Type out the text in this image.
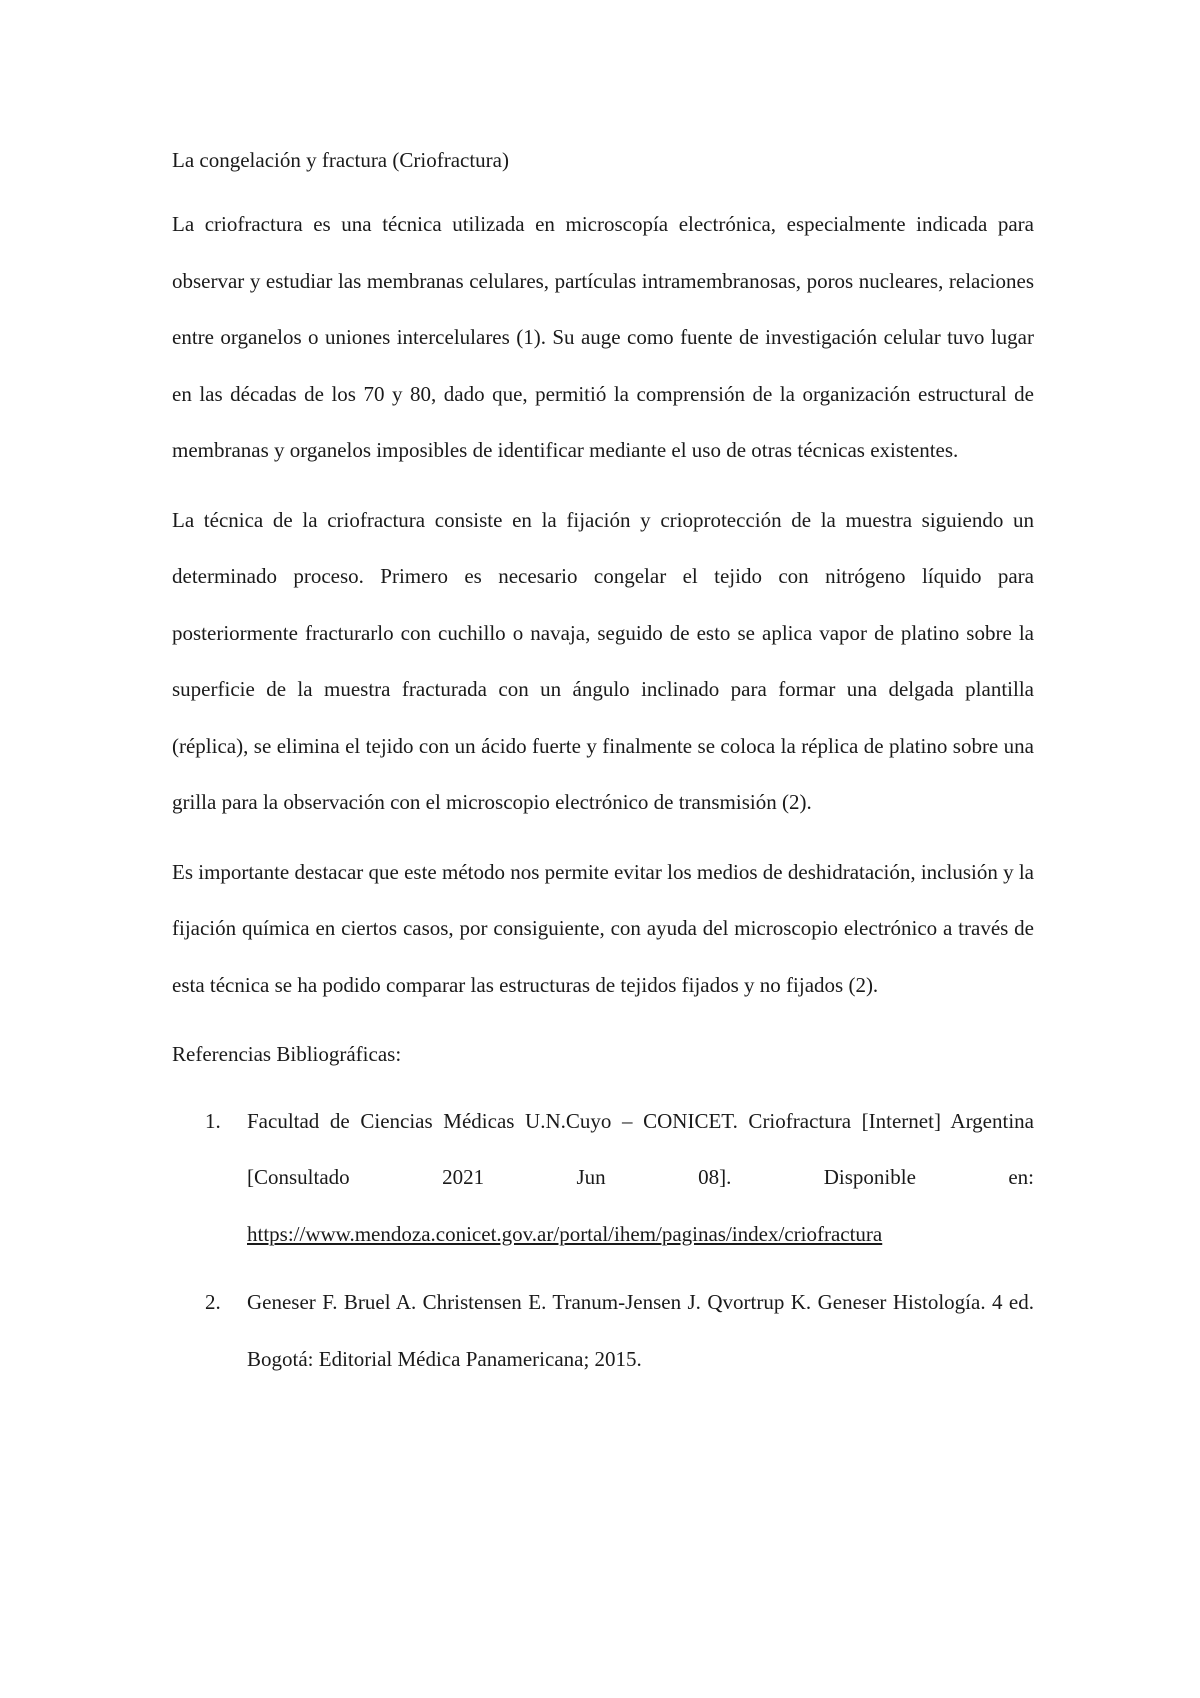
La congelación y fractura (Criofractura)

La criofractura es una técnica utilizada en microscopía electrónica, especialmente indicada para observar y estudiar las membranas celulares, partículas intramembranosas, poros nucleares, relaciones entre organelos o uniones intercelulares (1). Su auge como fuente de investigación celular tuvo lugar en las décadas de los 70 y 80, dado que, permitió la comprensión de la organización estructural de membranas y organelos imposibles de identificar mediante el uso de otras técnicas existentes.

La técnica de la criofractura consiste en la fijación y crioprotección de la muestra siguiendo un determinado proceso. Primero es necesario congelar el tejido con nitrógeno líquido para posteriormente fracturarlo con cuchillo o navaja, seguido de esto se aplica vapor de platino sobre la superficie de la muestra fracturada con un ángulo inclinado para formar una delgada plantilla (réplica), se elimina el tejido con un ácido fuerte y finalmente se coloca la réplica de platino sobre una grilla para la observación con el microscopio electrónico de transmisión (2).

Es importante destacar que este método nos permite evitar los medios de deshidratación, inclusión y la fijación química en ciertos casos, por consiguiente, con ayuda del microscopio electrónico a través de esta técnica se ha podido comparar las estructuras de tejidos fijados y no fijados (2).

Referencias Bibliográficas:

1. Facultad de Ciencias Médicas U.N.Cuyo – CONICET. Criofractura [Internet] Argentina [Consultado 2021 Jun 08]. Disponible en: https://www.mendoza.conicet.gov.ar/portal/ihem/paginas/index/criofractura
2. Geneser F. Bruel A. Christensen E. Tranum-Jensen J. Qvortrup K. Geneser Histología. 4 ed. Bogotá: Editorial Médica Panamericana; 2015.
